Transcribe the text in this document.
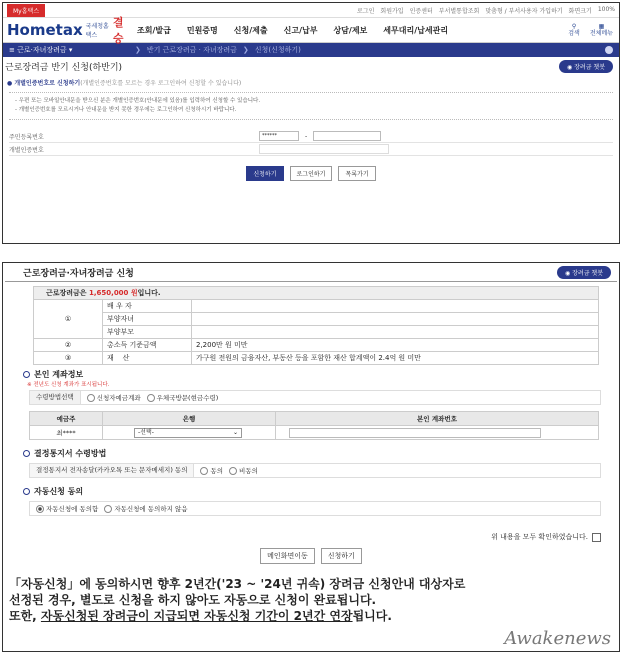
My홈택스	로그인 회원가입 인증센터 부서별통합조회 맞춤형 / 부서사용자 가입하기 화면크기 100%
Hometax 국세청홈택스
결승
조회/발급 민원증명 신청/제출 신고/납부 상담/제보 세무대리/납세관리	⚲
검색
▦
전체메뉴
≡ 근로·자녀장려금 ▾	❯ 반기 근로장려금 · 자녀장려금 ❯ 신청(신청하기)
근로장려금 반기 신청(하반기)	◉ 장려금 챗봇
● 개별인증번호로 신청하기(개별인증번호를 모르는 경우 로그인하여 신청할 수 있습니다)
- 우편 또는 모바일안내문을 받으신 분은 개별인증번호(안내문에 있음)를 입력하여 신청할 수 있습니다.
- 개별인증번호를 모르시거나 안내문을 받지 못한 경우에는 로그인하여 신청하시기 바랍니다.
주민등록번호	******	-
개별인증번호
신청하기	로그인하기	목록가기
근로장려금·자녀장려금 신청	◉ 장려금 챗봇
근로장려금은 1,650,000 원입니다.		
①	배 우 자	
	부양자녀	
	부양부모	
②	총소득 기준금액	2,200만 원 미만
③	재    산	가구원 전원의 금융자산, 부동산 등을 포함한 재산 합계액이 2.4억 원 미만
본인 계좌정보
※ 전년도 신청 계좌가 표시됩니다.
수령방법선택	신청자예금계좌 우체국방문(현금수령)
예금주	은행	본인 계좌번호
최****	-선택- ⌄	

결정통지서 수령방법
결정통지서 전자송달(카카오톡 또는 문자메세지) 동의	동의 비동의
자동신청 동의
자동신청에 동의함 자동신청에 동의하지 않음
위 내용을 모두 확인하였습니다.
메인화면이동	신청하기
「자동신청」에 동의하시면 향후 2년간('23 ~ '24년 귀속) 장려금 신청안내 대상자로
선정된 경우, 별도로 신청을 하지 않아도 자동으로 신청이 완료됩니다.
또한, 자동신청된 장려금이 지급되면 자동신청 기간이 2년간 연장됩니다.
Awakenews
